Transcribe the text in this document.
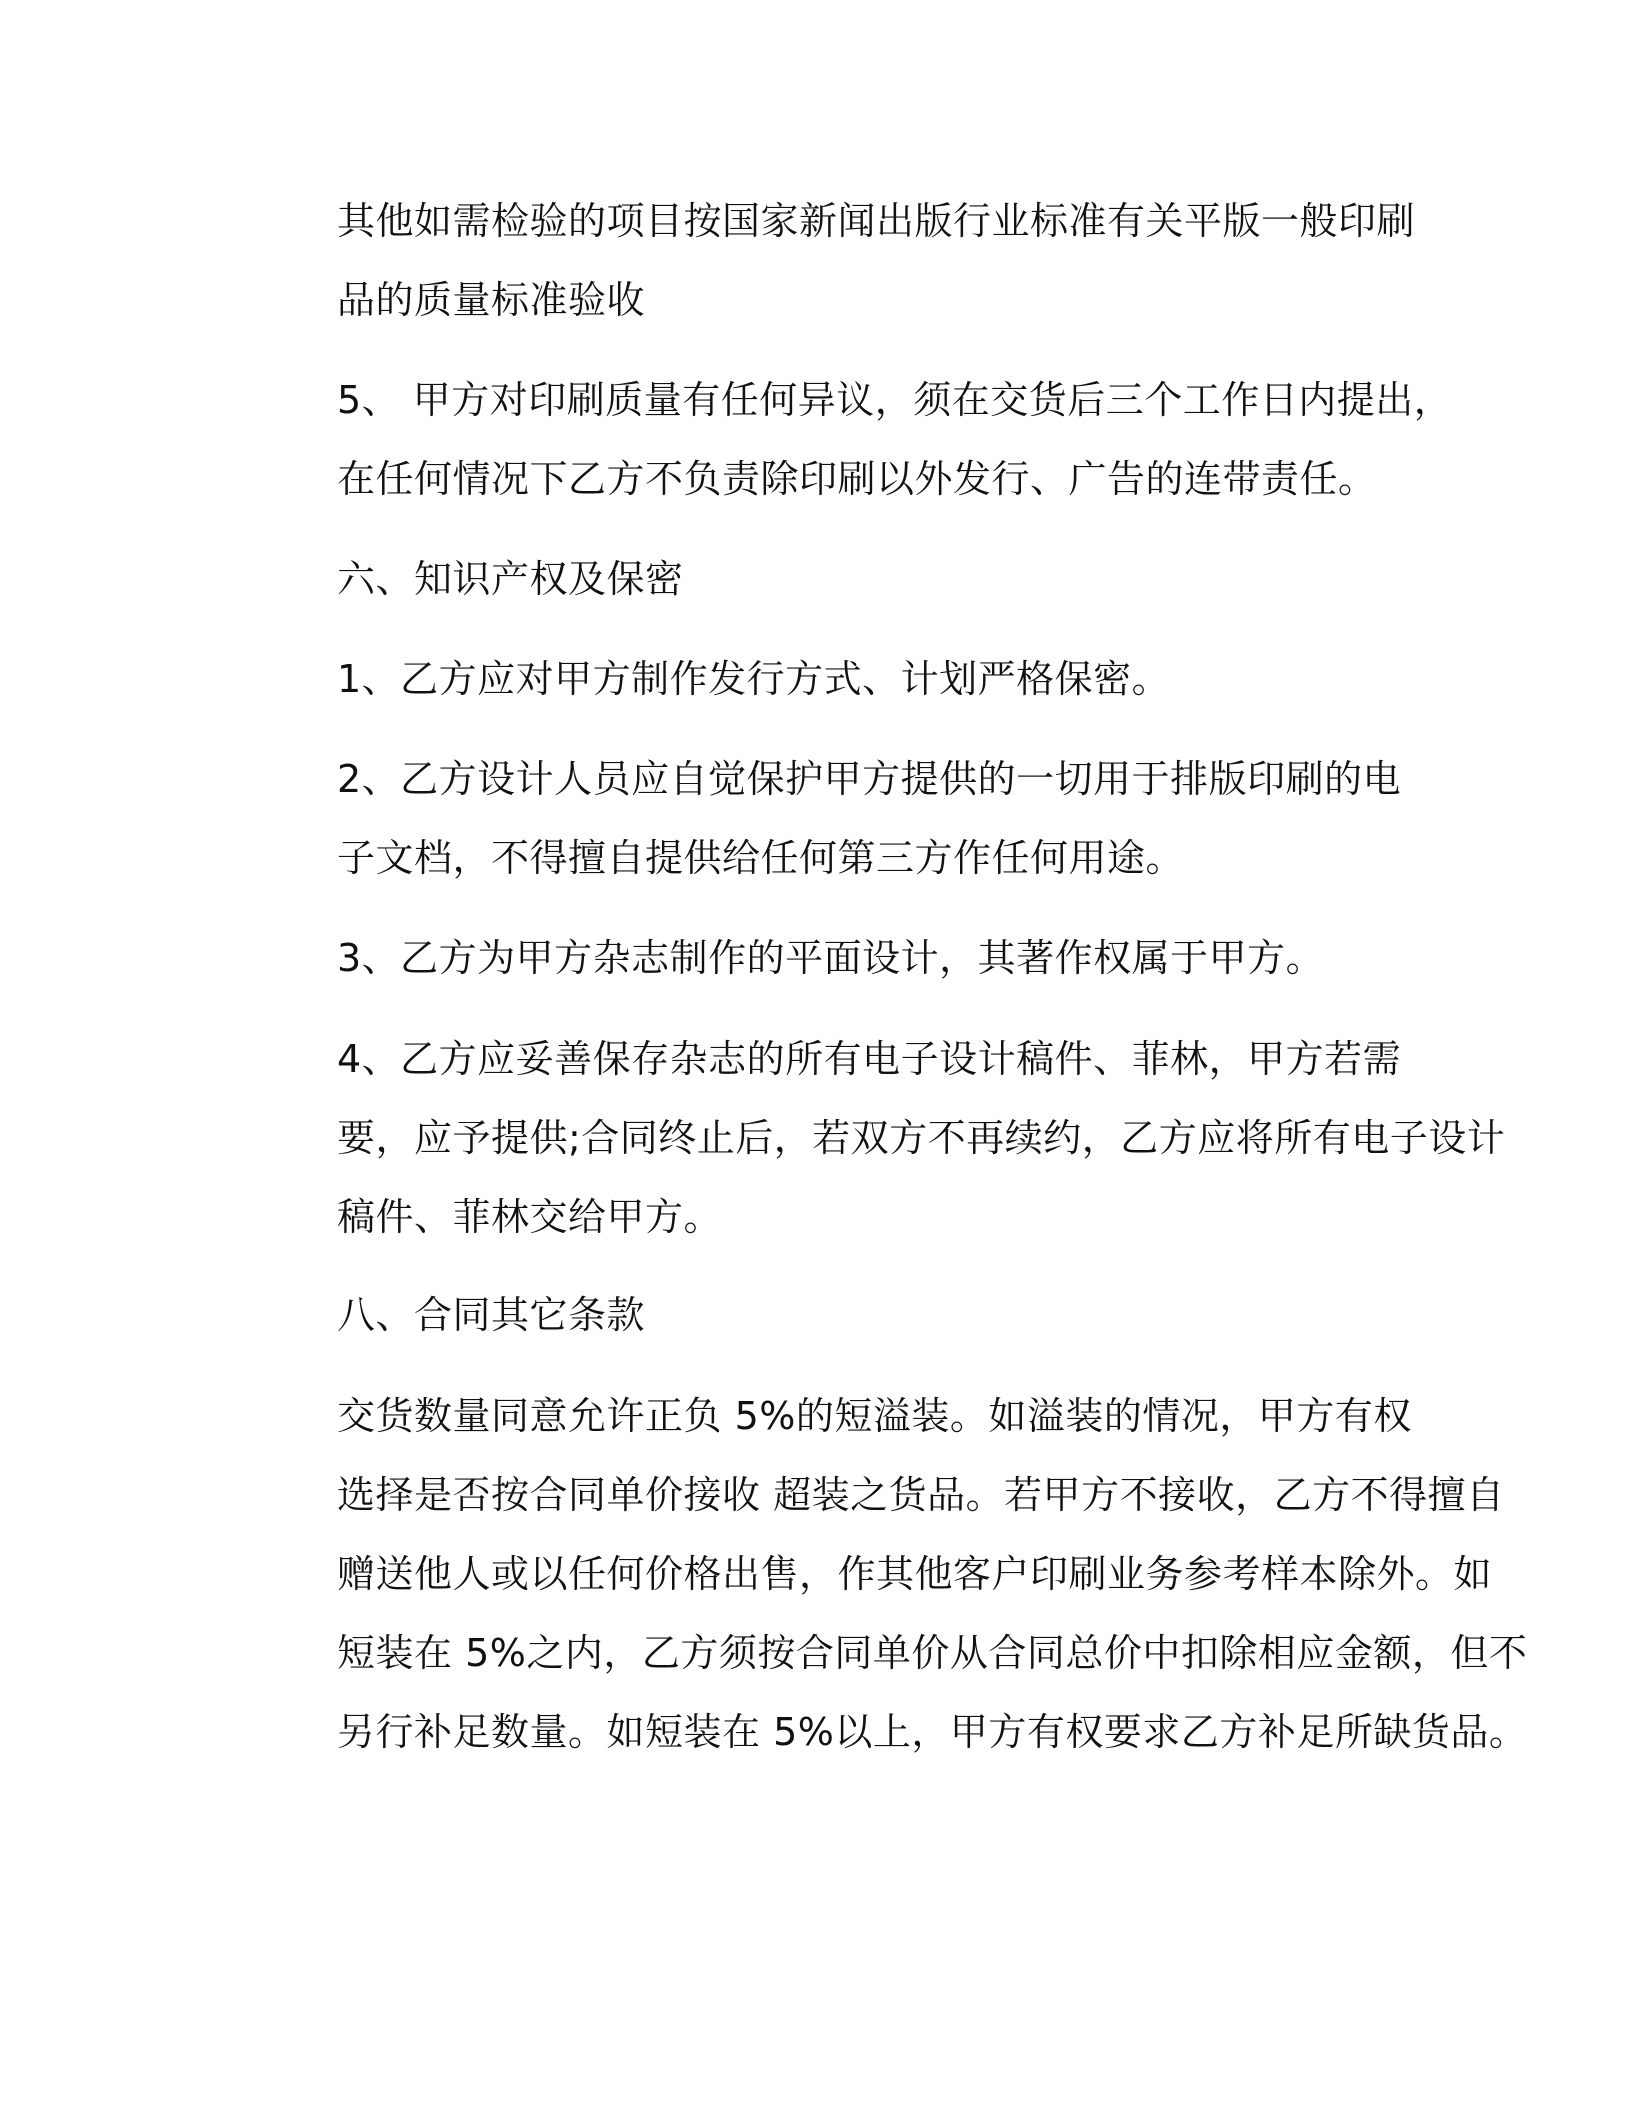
其他如需检验的项目按国家新闻出版行业标准有关平版一般印刷
品的质量标准验收

5、 甲方对印刷质量有任何异议，须在交货后三个工作日内提出，
在任何情况下乙方不负责除印刷以外发行、广告的连带责任。

六、知识产权及保密

1、乙方应对甲方制作发行方式、计划严格保密。

2、乙方设计人员应自觉保护甲方提供的一切用于排版印刷的电
子文档，不得擅自提供给任何第三方作任何用途。

3、乙方为甲方杂志制作的平面设计，其著作权属于甲方。

4、乙方应妥善保存杂志的所有电子设计稿件、菲林，甲方若需
要，应予提供;合同终止后，若双方不再续约，乙方应将所有电子设计
稿件、菲林交给甲方。

八、合同其它条款

交货数量同意允许正负 5%的短溢装。如溢装的情况，甲方有权
选择是否按合同单价接收 超装之货品。若甲方不接收，乙方不得擅自
赠送他人或以任何价格出售，作其他客户印刷业务参考样本除外。如
短装在 5%之内，乙方须按合同单价从合同总价中扣除相应金额，但不
另行补足数量。如短装在 5%以上，甲方有权要求乙方补足所缺货品。
